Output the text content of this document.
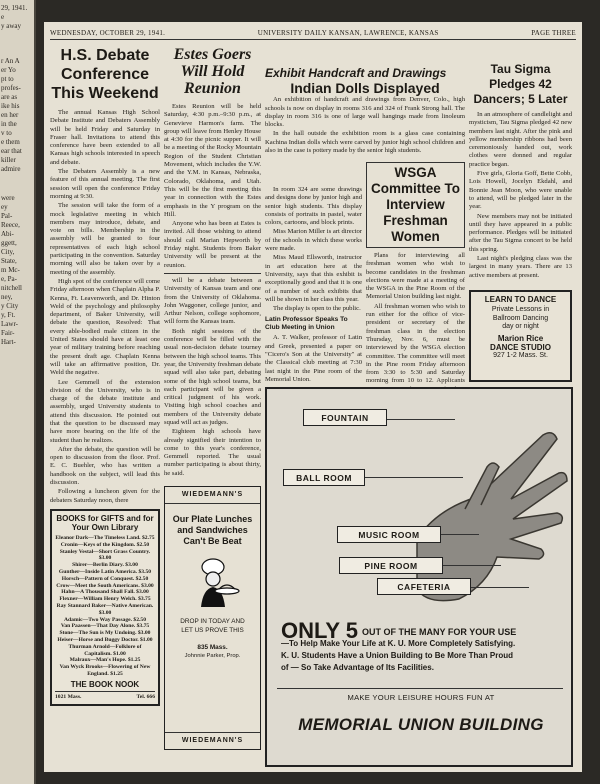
29, 1941.
e
y away
r An A
er Yo
pt to
profes-
are as
ike his
en her
in the
v to
e them
ear that
killer
admire
were
ey
Pal-
Reece,
Abi-
ggett,
City,
State,
m Mc-
e, Pa-
nitchell
ney,
y City
y, Ft.
Lawr-
Fair-
Hart-
WEDNESDAY, OCTOBER 29, 1941.	UNIVERSITY DAILY KANSAN, LAWRENCE, KANSAS	PAGE THREE
H.S. Debate Conference This Weekend

The annual Kansas High School Debate Institute and Debaters Assembly will be held Friday and Saturday in Fraser hall. Invitations to attend this conference have been extended to all Kansas high schools interested in speech and debate.

The Debaters Assembly is a new feature of this annual meeting. The first session will open the conference Friday morning at 9:30.

The session will take the form of a mock legislative meeting in which members may introduce, debate, and vote on bills. Membership in the assembly will be granted to four representatives of each high school participating in the convention. Saturday morning will also be taken over by a meeting of the assembly.

High spot of the conference will come Friday afternoon when Chaplain Alpha P. Kenna, Ft. Leavenworth, and Dr. Hinton Weld of the psychology and philosophy department, of Baker University, will debate the question, Resolved: That every able-bodied male citizen in the United States should have at least one year of military training before reaching the present draft age. Chaplain Kenna will take an affirmative position, Dr. Weld the negative.

Lee Gemmell of the extension division of the University, who is in charge of the debate institute and assembly, urged University students to attend this discussion. He pointed out that the question to be discussed may have more bearing on the life of the student than he realizes.

After the debate, the question will be open to discussion from the floor. Prof. E. C. Buehler, who has written a handbook on the subject, will lead this discussion.

Following a luncheon given for the debaters Saturday noon, there

BOOKS for GIFTS and for Your Own Library
Eleanor Dark—The Timeless Land. $2.75
Cronin—Keys of the Kingdom. $2.50
Stanley Vestal—Short Grass Country. $3.00
Shirer—Berlin Diary. $3.00
Gunther—Inside Latin America. $3.50
Horsch—Pattern of Conquest. $2.50
Crow—Meet the South Americans. $3.00
Hahn—A Thousand Shall Fall. $3.00
Flexner—William Henry Welch. $3.75
Ray Stannard Baker—Native American. $3.00
Adamic—Two Way Passage. $2.50
Van Paassen—That Day Alone. $3.75
Stone—The Sun is My Undoing. $3.00
Heiser—Horse and Buggy Doctor. $1.00
Thurman Arnold—Folklore of Capitalism. $1.00
Malraux—Man's Hope. $1.25
Van Wyck Brooks—Flowering of New England. $1.25
THE BOOK NOOK
1021 Mass.	Tel. 666
Estes Goers Will Hold Reunion

Estes Reunion will be held Saturday, 4:30 p.m.–9:30 p.m., at Genevieve Harmon's farm. The group will leave from Henley House at 4:30 for the picnic supper. It will be a meeting of the Rocky Mountain Region of the Student Christian Movement, which includes the Y.W. and the Y.M. in Kansas, Nebraska, Colorado, Oklahoma, and Utah. This will be the first meeting this year in connection with the Estes emphasis in the Y program on the Hill.

Anyone who has been at Estes is invited. All those wishing to attend should call Marian Hepworth by Friday night. Students from Baker University will be present at the reunion.

will be a debate between a University of Kansas team and one from the University of Oklahoma. John Waggoner, college junior, and Arthur Nelson, college sophomore, will form the Kansas team.

Both night sessions of the conference will be filled with the usual non-decision debate tourney between the high school teams. This year, the University freshman debate squad will also take part, debating some of the high school teams, but each participant will be given a critical judgment of his work. Visiting high school coaches and members of the University debate squad will act as judges.

Eighteen high schools have already signified their intention to come to this year's conference, Gemmell reported. The usual number participating is about thirty, he said.

WIEDEMANN'S
Our Plate Lunches and Sandwiches Can't Be Beat
DROP IN TODAY AND
LET US PROVE THIS
835 Mass.
Johnnie Parker, Prop.
WIEDEMANN'S
Exhibit Handcraft and Drawings
Indian Dolls Displayed

An exhibition of handcraft and drawings from Denver, Colo., high schools is now on display in rooms 316 and 324 of Frank Strong hall. The display in room 316 is one of large wall hangings made from linoleum blocks.

In the hall outside the exhibition room is a glass case containing Kachina Indian dolls which were carved by junior high school children and also in the case is pottery made by the senior high students.

In room 324 are some drawings and designs done by junior high and senior high students. This display consists of portraits in pastel, water colors, cartoons, and block prints.

Miss Marion Miller is art director of the schools in which these works were made.

Miss Maud Ellsworth, instructor in art education here at the University, says that this exhibit is exceptionally good and that it is one of a number of such exhibits that will be shown in her class this year.

The display is open to the public.

Latin Professor Speaks To Club Meeting in Union

A. T. Walker, professor of Latin and Greek, presented a paper on "Cicero's Son at the University" at the Classical club meeting at 7:30 last night in the Pine room of the Memorial Union.

WSGA Committee To Interview Freshman Women

Plans for interviewing all freshman women who wish to become candidates in the freshman elections were made at a meeting of the WSGA in the Pine Room of the Memorial Union building last night.

All freshman women who wish to run either for the office of vice-president or secretary of the freshman class in the election Thursday, Nov. 6, must be interviewed by the WSGA election committee. The committee will meet in the Pine room Friday afternoon from 3:30 to 5:30 and Saturday morning from 10 to 12. Applicants

Tau Sigma Pledges 42 Dancers; 5 Later

In an atmosphere of candlelight and mysticism, Tau Sigma pledged 42 new members last night. After the pink and yellow membership ribbons had been ceremoniously handed out, work clothes were donned and regular practice began.

Five girls, Gloria Goff, Bette Cobb, Lois Howell, Jocelyn Ekdahl, and Bonnie Jean Moon, who were unable to attend, will be pledged later in the year.

New members may not be initiated until they have appeared in a public performance. Pledges will be initiated after the Tau Sigma concert to be held this spring.

Last night's pledging class was the largest in many years. There are 13 active members at present.

LEARN TO DANCE
Private Lessons in
Ballroom Dancing
day or night
Marion Rice
DANCE STUDIO
927 1-2 Mass. St.
FOUNTAIN
BALL ROOM
MUSIC ROOM
PINE ROOM
CAFETERIA
ONLY 5 OUT OF THE MANY FOR YOUR USE
—To Help Make Your Life at K. U. More Completely Satisfying.
K. U. Students Have a Union Building to Be More Than Proud
of — So Take Advantage of Its Facilities.
MAKE YOUR LEISURE HOURS FUN AT
MEMORIAL UNION BUILDING
